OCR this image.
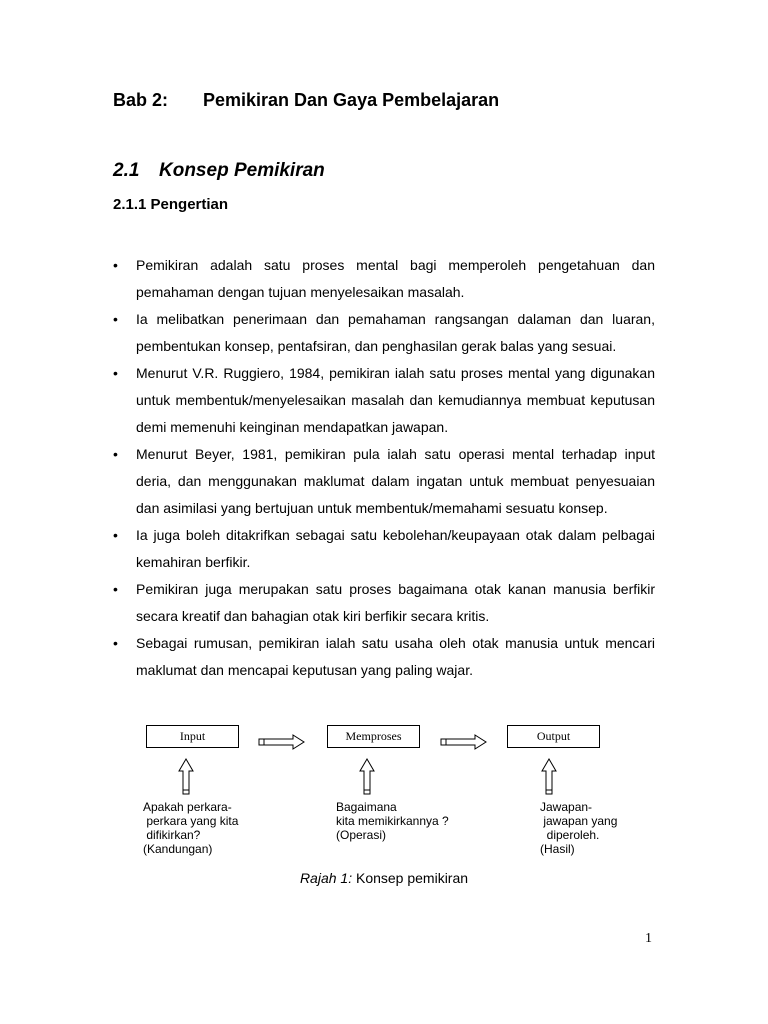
Bab 2: Pemikiran Dan Gaya Pembelajaran
2.1 Konsep Pemikiran
2.1.1 Pengertian
• Pemikiran adalah satu proses mental bagi memperoleh pengetahuan dan pemahaman dengan tujuan menyelesaikan masalah.
• Ia melibatkan penerimaan dan pemahaman rangsangan dalaman dan luaran, pembentukan konsep, pentafsiran, dan penghasilan gerak balas yang sesuai.
• Menurut V.R. Ruggiero, 1984, pemikiran ialah satu proses mental yang digunakan untuk membentuk/menyelesaikan masalah dan kemudiannya membuat keputusan demi memenuhi keinginan mendapatkan jawapan.
• Menurut Beyer, 1981, pemikiran pula ialah satu operasi mental terhadap input deria, dan menggunakan maklumat dalam ingatan untuk membuat penyesuaian dan asimilasi yang bertujuan untuk membentuk/memahami sesuatu konsep.
• Ia juga boleh ditakrifkan sebagai satu kebolehan/keupayaan otak dalam pelbagai kemahiran berfikir.
• Pemikiran juga merupakan satu proses bagaimana otak kanan manusia berfikir secara kreatif dan bahagian otak kiri berfikir secara kritis.
• Sebagai rumusan, pemikiran ialah satu usaha oleh otak manusia untuk mencari maklumat dan mencapai keputusan yang paling wajar.
Input	Memproses	Output
Apakah perkara-
perkara yang kita
difikirkan?
(Kandungan)
Bagaimana
kita memikirkannya ?
(Operasi)
Jawapan-
jawapan yang
diperoleh.
(Hasil)
Rajah 1: Konsep pemikiran
1
